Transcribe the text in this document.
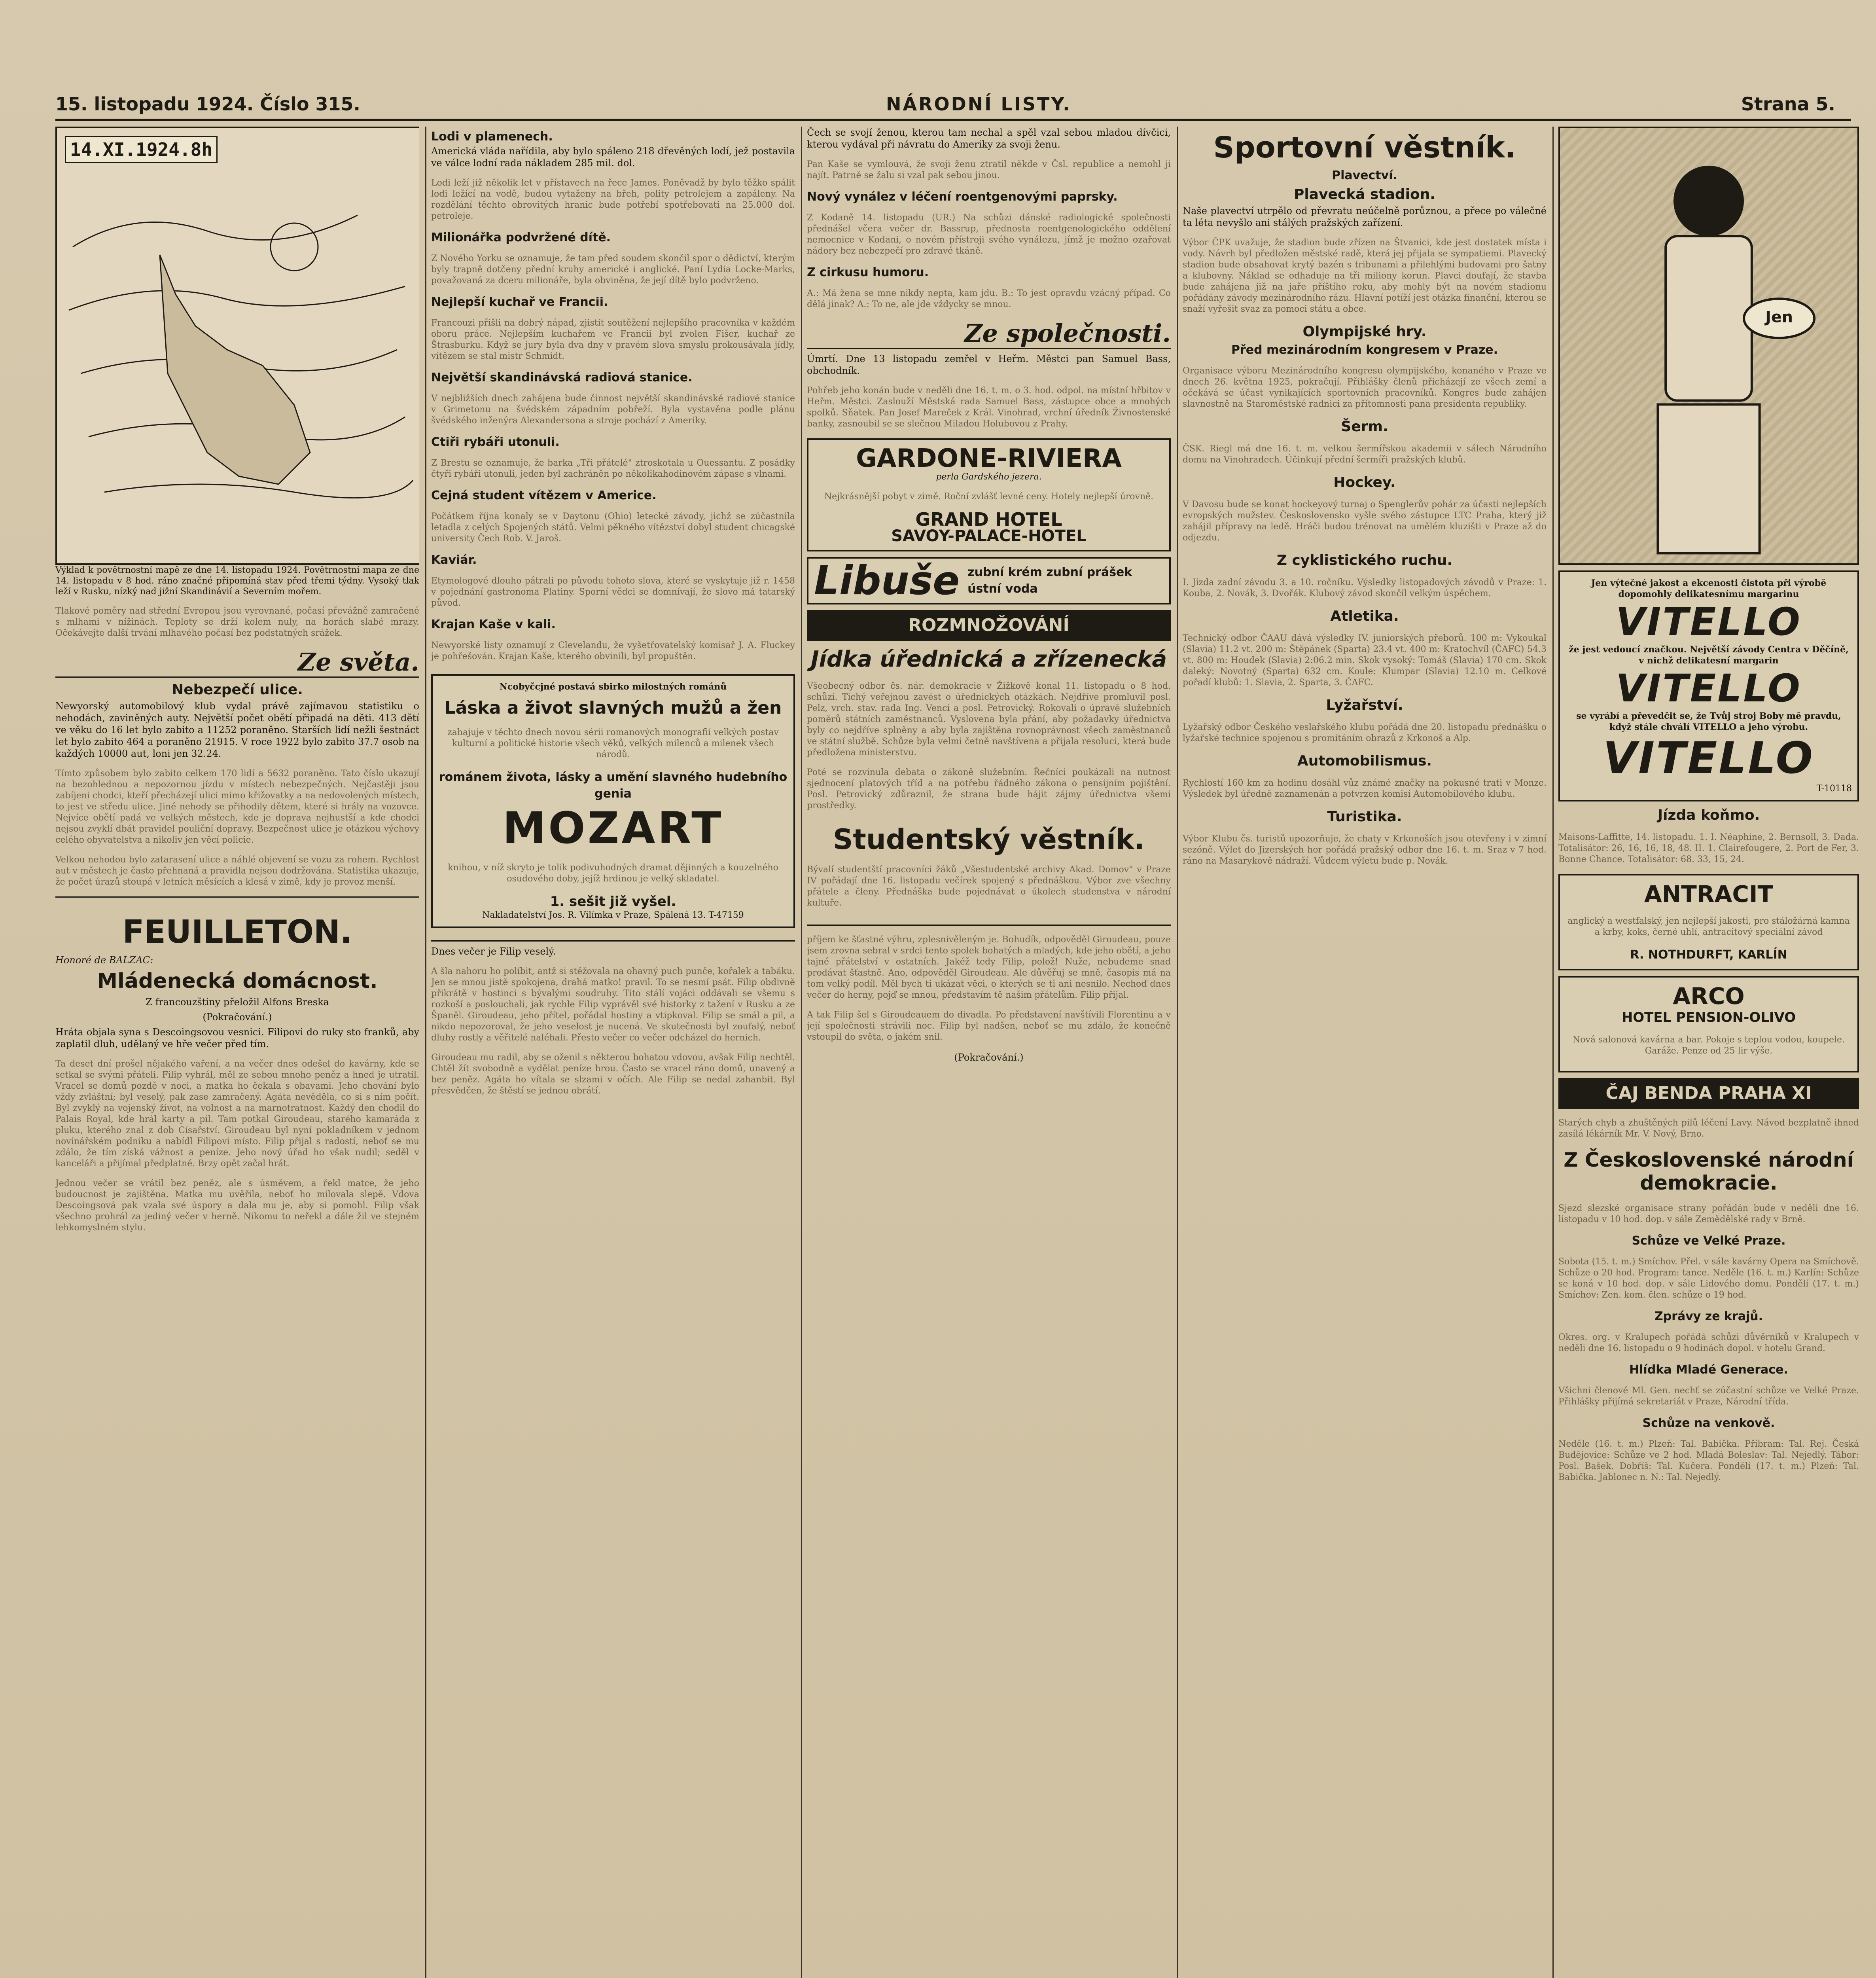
15. listopadu 1924. Číslo 315.	NÁRODNÍ LISTY.	Strana 5.
14.XI.1924.8h

Výklad k povětrnostní mapě ze dne 14. listopadu 1924. Povětrnostní mapa ze dne 14. listopadu v 8 hod. ráno značné připomíná stav před třemi týdny. Vysoký tlak leží v Rusku, nízký nad jižní Skandinávií a Severním mořem.

Tlakové poměry nad střední Evropou jsou vyrovnané, počasí převážně zamračené s mlhami v nížinách. Teploty se drží kolem nuly, na horách slabé mrazy. Očekávejte další trvání mlhavého počasí bez podstatných srážek.

Ze světa.
Nebezpečí ulice.

Newyorský automobilový klub vydal právě zajímavou statistiku o nehodách, zaviněných auty. Největší počet obětí připadá na děti. 413 dětí ve věku do 16 let bylo zabito a 11252 poraněno. Starších lidí nežli šestnáct let bylo zabito 464 a poraněno 21915. V roce 1922 bylo zabito 37.7 osob na každých 10000 aut, loni jen 32.24.

Tímto způsobem bylo zabito celkem 170 lidí a 5632 poraněno. Tato číslo ukazují na bezohlednou a nepozornou jízdu v místech nebezpečných. Nejčastěji jsou zabíjeni chodci, kteří přecházejí ulici mimo křižovatky a na nedovolených místech, to jest ve středu ulice. Jiné nehody se přihodily dětem, které si hrály na vozovce. Nejvíce obětí padá ve velkých městech, kde je doprava nejhustší a kde chodci nejsou zvyklí dbát pravidel pouliční dopravy. Bezpečnost ulice je otázkou výchovy celého obyvatelstva a nikoliv jen věcí policie.

Velkou nehodou bylo zatarasení ulice a náhlé objevení se vozu za rohem. Rychlost aut v městech je často přehnaná a pravidla nejsou dodržována. Statistika ukazuje, že počet úrazů stoupá v letních měsících a klesá v zimě, kdy je provoz menší.

FEUILLETON.
Honoré de BALZAC:
Mládenecká domácnost.
Z francouzštiny přeložil Alfons Breska
(Pokračování.)

Hráta objala syna s Descoingsovou vesnici. Filipovi do ruky sto franků, aby zaplatil dluh, udělaný ve hře večer před tím.

Ta deset dní prošel nějakého vaření, a na večer dnes odešel do kavárny, kde se setkal se svými přáteli. Filip vyhrál, měl ze sebou mnoho peněz a hned je utratil. Vracel se domů pozdě v noci, a matka ho čekala s obavami. Jeho chování bylo vždy zvláštní; byl veselý, pak zase zamračený. Agáta nevěděla, co si s ním počít. Byl zvyklý na vojenský život, na volnost a na marnotratnost. Každý den chodil do Palais Royal, kde hrál karty a pil. Tam potkal Giroudeau, starého kamaráda z pluku, kterého znal z dob Císařství. Giroudeau byl nyní pokladníkem v jednom novinářském podniku a nabídl Filipovi místo. Filip přijal s radostí, neboť se mu zdálo, že tím získá vážnost a peníze. Jeho nový úřad ho však nudil; seděl v kanceláři a přijímal předplatné. Brzy opět začal hrát.

Jednou večer se vrátil bez peněz, ale s úsměvem, a řekl matce, že jeho budoucnost je zajištěna. Matka mu uvěřila, neboť ho milovala slepě. Vdova Descoingsová pak vzala své úspory a dala mu je, aby si pomohl. Filip však všechno prohrál za jediný večer v herně. Nikomu to neřekl a dále žil ve stejném lehkomyslném stylu.

Lodi v plamenech.

Americká vláda nařídila, aby bylo spáleno 218 dřevěných lodí, jež postavila ve válce lodní rada nákladem 285 mil. dol.

Lodi leží již několik let v přístavech na řece James. Poněvadž by bylo těžko spálit lodi ležící na vodě, budou vytaženy na břeh, polity petrolejem a zapáleny. Na rozdělání těchto obrovitých hranic bude potřebí spotřebovati na 25.000 dol. petroleje.

Milionářka podvržené dítě.

Z Nového Yorku se oznamuje, že tam před soudem skončil spor o dědictví, kterým byly trapně dotčeny přední kruhy americké i anglické. Paní Lydia Locke-Marks, považovaná za dceru milionáře, byla obviněna, že její dítě bylo podvrženo.

Nejlepší kuchař ve Francii.

Francouzi přišli na dobrý nápad, zjistit soutěžení nejlepšího pracovníka v každém oboru práce. Nejlepším kuchařem ve Francii byl zvolen Fišer, kuchař ze Štrasburku. Když se jury byla dva dny v pravém slova smyslu prokousávala jídly, vítězem se stal mistr Schmidt.

Největší skandinávská radiová stanice.

V nejbližších dnech zahájena bude činnost největší skandinávské radiové stanice v Grimetonu na švédském západním pobřeží. Byla vystavěna podle plánu švédského inženýra Alexandersona a stroje pochází z Ameriky.

Ctiři rybáři utonuli.

Z Brestu se oznamuje, že barka „Tři přátelé" ztroskotala u Ouessantu. Z posádky čtyři rybáři utonuli, jeden byl zachráněn po několikahodinovém zápase s vlnami.

Cejná student vítězem v Americe.

Počátkem října konaly se v Daytonu (Ohio) letecké závody, jichž se zúčastnila letadla z celých Spojených států. Velmi pěkného vítězství dobyl student chicagské university Čech Rob. V. Jaroš.

Kaviár.

Etymologové dlouho pátrali po původu tohoto slova, které se vyskytuje již r. 1458 v pojednání gastronoma Platiny. Sporní vědci se domnívají, že slovo má tatarský původ.

Krajan Kaše v kali.

Newyorské listy oznamují z Clevelandu, že vyšetřovatelský komisař J. A. Fluckey je pohřešován. Krajan Kaše, kterého obvinili, byl propuštěn.

Ncobyčcjné postavá sbirko milostných románů
Láska a život slavných mužů a žen

zahajuje v těchto dnech novou sérii romanových monografií velkých postav kulturní a politické historie všech věků, velkých milenců a milenek všech národů.

románem života, lásky a umění slavného hudebního genia
MOZART

knihou, v níž skryto je tolik podivuhodných dramat dějinných a kouzelného osudového doby, jejíž hrdinou je velký skladatel.

1. sešit již vyšel.
Nakladatelství Jos. R. Vilímka v Praze, Spálená 13. T-47159

Dnes večer je Filip veselý.

A šla nahoru ho políbit, antž si stěžovala na ohavný puch punče, kořalek a tabáku. Jen se mnou jistě spokojena, drahá matko! pravil. To se nesmí psát. Filip obdivně přikrátě v hostinci s bývalými soudruhy. Tito stálí vojáci oddávali se všemu s rozkoší a poslouchali, jak rychle Filip vyprávěl své historky z tažení v Rusku a ze Španěl. Giroudeau, jeho přítel, pořádal hostiny a vtipkoval. Filip se smál a pil, a nikdo nepozoroval, že jeho veselost je nucená. Ve skutečnosti byl zoufalý, neboť dluhy rostly a věřitelé naléhali. Přesto večer co večer odcházel do hernich.

Giroudeau mu radil, aby se oženil s některou bohatou vdovou, avšak Filip nechtěl. Chtěl žít svobodně a vydělat peníze hrou. Často se vracel ráno domů, unavený a bez peněz. Agáta ho vítala se slzami v očích. Ale Filip se nedal zahanbit. Byl přesvědčen, že štěstí se jednou obrátí.

Čech se svojí ženou, kterou tam nechal a spěl vzal sebou mladou dívčici, kterou vydával při návratu do Ameriky za svoji ženu.

Pan Kaše se vymlouvá, že svoji ženu ztratil někde v Čsl. republice a nemohl ji najít. Patrně se žalu si vzal pak sebou jinou.

Nový vynález v léčení roentgenovými paprsky.

Z Kodaně 14. listopadu (UR.) Na schůzi dánské radiologické společnosti přednášel včera večer dr. Bassrup, přednosta roentgenologického oddělení nemocnice v Kodani, o novém přístroji svého vynálezu, jímž je možno ozařovat nádory bez nebezpečí pro zdravé tkáně.

Z cirkusu humoru.

A.: Má žena se mne nikdy nepta, kam jdu. B.: To jest opravdu vzácný případ. Co dělá jinak? A.: To ne, ale jde vždycky se mnou.

Ze společnosti.

Úmrtí. Dne 13 listopadu zemřel v Heřm. Městci pan Samuel Bass, obchodník.

Pohřeb jeho konán bude v neděli dne 16. t. m. o 3. hod. odpol. na místní hřbitov v Heřm. Městci. Zaslouží Městská rada Samuel Bass, zástupce obce a mnohých spolků. Sňatek. Pan Josef Mareček z Král. Vinohrad, vrchní úředník Živnostenské banky, zasnoubil se se slečnou Miladou Holubovou z Prahy.

GARDONE-RIVIERA
perla Gardského jezera.

Nejkrásnější pobyt v zimě. Roční zvlášť levné ceny. Hotely nejlepší úrovně.

GRAND HOTEL
SAVOY-PALACE-HOTEL
Libuše zubní krém zubní prášek ústní voda
ROZMNOŽOVÁNÍ
Jídka úřednická a zřízenecká

Všeobecný odbor čs. nár. demokracie v Žižkově konal 11. listopadu o 8 hod. schůzi. Tichý veřejnou zavést o úřednických otázkách. Nejdříve promluvil posl. Pelz, vrch. stav. rada Ing. Venci a posl. Petrovický. Rokovali o úpravě služebních poměrů státních zaměstnanců. Vyslovena byla přání, aby požadavky úřednictva byly co nejdříve splněny a aby byla zajištěna rovnoprávnost všech zaměstnanců ve státní službě. Schůze byla velmi četně navštívena a přijala resoluci, která bude předložena ministerstvu.

Poté se rozvinula debata o zákoně služebním. Řečníci poukázali na nutnost sjednocení platových tříd a na potřebu řádného zákona o pensijním pojištění. Posl. Petrovický zdůraznil, že strana bude hájit zájmy úřednictva všemi prostředky.

Studentský věstník.

Bývalí studentští pracovníci žáků „Všestudentské archivy Akad. Domov" v Praze IV pořádají dne 16. listopadu večírek spojený s přednáškou. Výbor zve všechny přátele a členy. Přednáška bude pojednávat o úkolech studenstva v národní kultuře.

příjem ke šťastné výhru, zplesnivěleným je. Bohudík, odpověděl Giroudeau, pouze jsem zrovna sebral v srdci tento spolek bohatých a mladých, kde jeho obětí, a jeho tajné přátelství v ostatních. Jakéž tedy Filip, polož! Nuže, nebudeme snad prodávat šťastně. Ano, odpověděl Giroudeau. Ale důvěřuj se mně, časopis má na tom velký podíl. Měl bych ti ukázat věci, o kterých se ti ani nesnilo. Nechoď dnes večer do herny, pojď se mnou, představím tě našim přátelům. Filip přijal.

A tak Filip šel s Giroudeauem do divadla. Po představení navštívili Florentinu a v její společnosti strávili noc. Filip byl nadšen, neboť se mu zdálo, že konečně vstoupil do světa, o jakém snil.

(Pokračování.)
Sportovní věstník.
Plavectví.
Plavecká stadion.

Naše plavectví utrpělo od převratu neúčelně porůznou, a přece po válečné ta léta nevyšlo ani stálých pražských zařízení.

Výbor ČPK uvažuje, že stadion bude zřízen na Štvanici, kde jest dostatek místa i vody. Návrh byl předložen městské radě, která jej přijala se sympatiemi. Plavecký stadion bude obsahovat krytý bazén s tribunami a přilehlými budovami pro šatny a klubovny. Náklad se odhaduje na tři miliony korun. Plavci doufají, že stavba bude zahájena již na jaře příštího roku, aby mohly být na novém stadionu pořádány závody mezinárodního rázu. Hlavní potíží jest otázka finanční, kterou se snaží vyřešit svaz za pomoci státu a obce.

Olympijské hry.
Před mezinárodním kongresem v Praze.

Organisace výboru Mezinárodního kongresu olympijského, konaného v Praze ve dnech 26. května 1925, pokračují. Přihlášky členů přicházejí ze všech zemí a očekává se účast vynikajících sportovních pracovníků. Kongres bude zahájen slavnostně na Staroměstské radnici za přítomnosti pana presidenta republiky.

Šerm.

ČSK. Riegl má dne 16. t. m. velkou šermířskou akademii v sálech Národního domu na Vinohradech. Účinkují přední šermíři pražských klubů.

Hockey.

V Davosu bude se konat hockeyový turnaj o Spenglerův pohár za účasti nejlepších evropských mužstev. Československo vyšle svého zástupce LTC Praha, který již zahájil přípravy na ledě. Hráči budou trénovat na umělém kluzišti v Praze až do odjezdu.

Z cyklistického ruchu.

I. Jízda zadní závodu 3. a 10. ročníku. Výsledky listopadových závodů v Praze: 1. Kouba, 2. Novák, 3. Dvořák. Klubový závod skončil velkým úspěchem.

Atletika.

Technický odbor ČAAU dává výsledky IV. juniorských přeborů. 100 m: Vykoukal (Slavia) 11.2 vt. 200 m: Štěpánek (Sparta) 23.4 vt. 400 m: Kratochvíl (ČAFC) 54.3 vt. 800 m: Houdek (Slavia) 2:06.2 min. Skok vysoký: Tomáš (Slavia) 170 cm. Skok daleký: Novotný (Sparta) 632 cm. Koule: Klumpar (Slavia) 12.10 m. Celkové pořadí klubů: 1. Slavia, 2. Sparta, 3. ČAFC.

Lyžařství.

Lyžařský odbor Českého veslařského klubu pořádá dne 20. listopadu přednášku o lyžařské technice spojenou s promítáním obrazů z Krkonoš a Alp.

Automobilismus.

Rychlostí 160 km za hodinu dosáhl vůz známé značky na pokusné trati v Monze. Výsledek byl úředně zaznamenán a potvrzen komisí Automobilového klubu.

Turistika.

Výbor Klubu čs. turistů upozorňuje, že chaty v Krkonoších jsou otevřeny i v zimní sezóně. Výlet do Jizerských hor pořádá pražský odbor dne 16. t. m. Sraz v 7 hod. ráno na Masarykově nádraží. Vůdcem výletu bude p. Novák.

Jen
Jen výtečné jakost a ekcenosti čistota při výrobě dopomohly delikatesnímu margarinu
VITELLO
že jest vedoucí značkou. Největší závody Centra v Děčíně, v nichž delikatesní margarin
VITELLO
se vyrábí a převedčit se, že Tvůj stroj Boby mě pravdu, když stále chválí VITELLO a jeho výrobu.
VITELLO
T-10118
Jízda koňmo.

Maisons-Laffitte, 14. listopadu. 1. I. Néaphine, 2. Bernsoll, 3. Dada. Totalisátor: 26, 16, 16, 18, 48. II. 1. Clairefougere, 2. Port de Fer, 3. Bonne Chance. Totalisátor: 68. 33, 15, 24.

ANTRACIT

anglický a westfalský, jen nejlepší jakosti, pro stáložárná kamna a krby, koks, černé uhlí, antracitový speciální závod

R. NOTHDURFT, KARLÍN
ARCO
HOTEL PENSION-OLIVO

Nová salonová kavárna a bar. Pokoje s teplou vodou, koupele. Garáže. Penze od 25 lir výše.

ČAJ BENDA PRAHA XI

Starých chyb a zhuštěných pilů léčení Lavy. Návod bezplatně ihned zasílá lékárník Mr. V. Nový, Brno.

Z Československé národní demokracie.

Sjezd slezské organisace strany pořádán bude v neděli dne 16. listopadu v 10 hod. dop. v sále Zemědělské rady v Brně.

Schůze ve Velké Praze.

Sobota (15. t. m.) Smíchov. Přel. v sále kavárny Opera na Smíchově. Schůze o 20 hod. Program: tance. Neděle (16. t. m.) Karlín: Schůze se koná v 10 hod. dop. v sále Lidového domu. Pondělí (17. t. m.) Smíchov: Zen. kom. člen. schůze o 19 hod.

Zprávy ze krajů.

Okres. org. v Kralupech pořádá schůzi důvěrníků v Kralupech v neděli dne 16. listopadu o 9 hodinách dopol. v hotelu Grand.

Hlídka Mladé Generace.

Všichni členové Ml. Gen. nechť se zúčastní schůze ve Velké Praze. Přihlášky přijímá sekretariát v Praze, Národní třída.

Schůze na venkově.

Neděle (16. t. m.) Plzeň: Tal. Babička. Příbram: Tal. Rej. Česká Budějovice: Schůze ve 2 hod. Mladá Boleslav: Tal. Nejedlý. Tábor: Posl. Bašek. Dobříš: Tal. Kučera. Pondělí (17. t. m.) Plzeň: Tal. Babička. Jablonec n. N.: Tal. Nejedlý.
